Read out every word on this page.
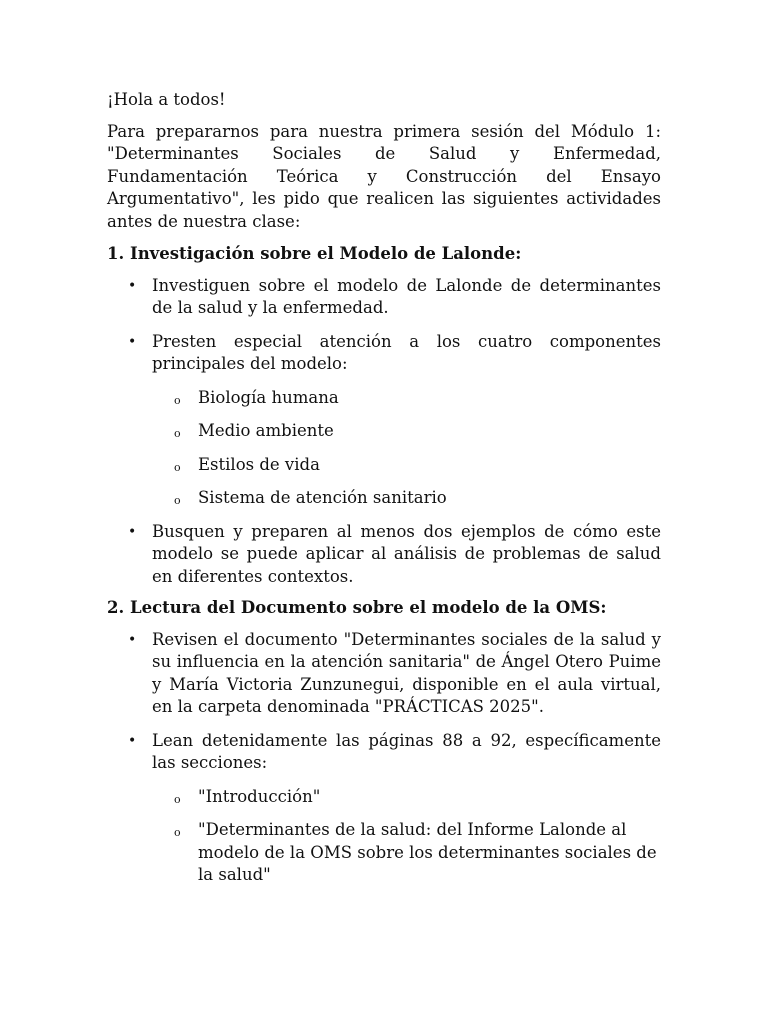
¡Hola a todos!

Para prepararnos para nuestra primera sesión del Módulo 1: "Determinantes Sociales de Salud y Enfermedad, Fundamentación Teórica y Construcción del Ensayo Argumentativo", les pido que realicen las siguientes actividades antes de nuestra clase:

1. Investigación sobre el Modelo de Lalonde:
• Investiguen sobre el modelo de Lalonde de determinantes de la salud y la enfermedad.
• Presten especial atención a los cuatro componentes principales del modelo:
o Biología humana
o Medio ambiente
o Estilos de vida
o Sistema de atención sanitario
• Busquen y preparen al menos dos ejemplos de cómo este modelo se puede aplicar al análisis de problemas de salud en diferentes contextos.
2. Lectura del Documento sobre el modelo de la OMS:
• Revisen el documento "Determinantes sociales de la salud y su influencia en la atención sanitaria" de Ángel Otero Puime y María Victoria Zunzunegui, disponible en el aula virtual, en la carpeta denominada "PRÁCTICAS 2025".
• Lean detenidamente las páginas 88 a 92, específicamente las secciones:
o "Introducción"
o "Determinantes de la salud: del Informe Lalonde al modelo de la OMS sobre los determinantes sociales de la salud"
